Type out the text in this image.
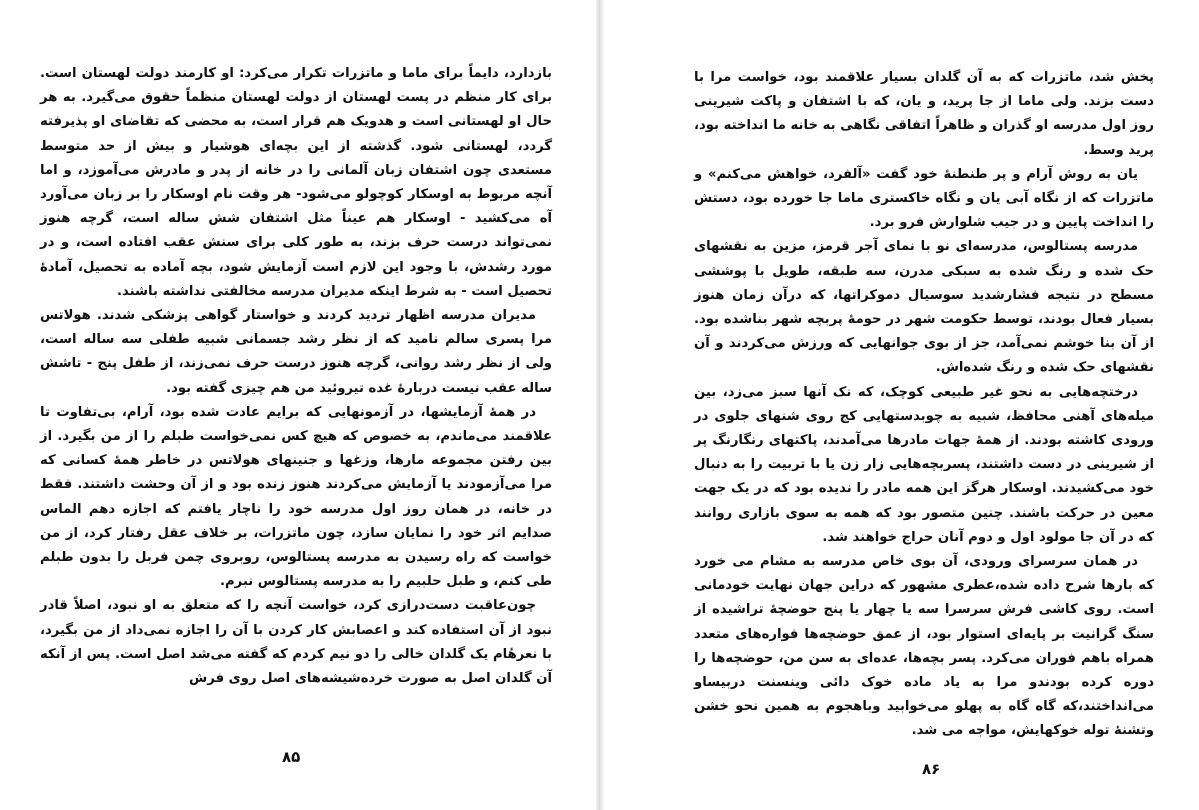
بازدارد، دایماً برای ماما و ماتزرات تکرار می‌کرد: او کارمند دولت لهستان است. برای کار منظم در پست لهستان از دولت لهستان منظماً حقوق می‌گیرد. به هر حال او لهستانی است و هدویک هم قرار است، به محضی که تقاضای او پذیرفته گردد، لهستانی شود. گذشته از این بچه‌ای هوشیار و بیش از حد متوسط مستعدی چون اشتفان زبان آلمانی را در خانه از پدر و مادرش می‌آموزد، و اما آنچه مربوط به اوسکار کوچولو می‌شود- هر وقت نام اوسکار را بر زبان می‌آورد آه می‌کشید - اوسکار هم عیناً مثل اشتفان شش ساله است، گرچه هنوز نمی‌تواند درست حرف بزند، به طور کلی برای سنش عقب افتاده است، و در مورد رشدش، با وجود این لازم است آزمایش شود، بچه آماده به تحصیل، آمادهٔ تحصیل است - به شرط اینکه مدیران مدرسه مخالفتی نداشته باشند.

مدیران مدرسه اظهار تردید کردند و خواستار گواهی پزشکی شدند. هولاتس مرا پسری سالم نامید که از نظر رشد جسمانی شبیه طفلی سه ساله است، ولی از نظر رشد روانی، گرچه هنوز درست حرف نمی‌زند، از طفل پنج - تا‌شش ساله عقب نیست دربارهٔ غده تیروئید من هم چیزی گفته بود.

در همهٔ آزمایشها، در آزمونهایی که برایم عادت شده بود، آرام، بی‌تفاوت تا علاقمند می‌ماندم، به خصوص که هیچ کس نمی‌خواست طبلم را از من بگیرد. از بین رفتن مجموعه مارها، وزغها و جنینهای هولاتس در خاطر همهٔ کسانی که مرا می‌آزمودند یا آزمایش می‌کردند هنوز زنده بود و از آن وحشت داشتند. فقط در خانه، در همان روز اول مدرسه خود را ناچار یافتم که اجازه دهم الماس صدایم اثر خود را نمایان سازد، چون ماتزرات، بر خلاف عقل رفتار کرد، از من خواست که راه رسیدن به مدرسه پستالوس، روبروی چمن فربل را بدون طبلم طی کنم، و طبل حلبیم را به مدرسه پستالوس نبرم.

چون‌عاقبت دست‌درازی کرد، خواست آنچه را که متعلق به او نبود، اصلاً قادر نبود از آن استفاده کند و اعصابش کار کردن با آن را اجازه نمی‌داد از من بگیرد، با نعرهٔام یک گلدان خالی را دو نیم کردم که گفته می‌شد اصل است. پس از آنکه آن گلدان اصل به صورت خرده‌شیشه‌های اصل روی فرش

۸۵

پخش شد، ماتزرات که به آن گلدان بسیار علاقمند بود، خواست مرا با دست بزند. ولی ماما از جا پرید، و یان، که با اشتفان و پاکت شیرینی روز اول مدرسه او گذران و ظاهراً اتفاقی نگاهی به خانه ما انداخته بود، پرید وسط.

یان به روش آرام و پر طنطنهٔ خود گفت «آلفرد، خواهش می‌کنم» و ماتزرات که از نگاه آبی یان و نگاه خاکستری ماما جا خورده بود، دستش را انداخت پایین و در جیب شلوارش فرو برد.

مدرسه پستالوس، مدرسه‌ای نو با نمای آجر قرمز، مزین به نقشهای حک شده و رنگ شده به سبکی مدرن، سه طبقه، طویل با پوششی مسطح در نتیجه فشارشدید سوسیال دموکراتها، که درآن زمان هنوز بسیار فعال بودند، توسط حکومت شهر در حومهٔ پربچه شهر بناشده بود. از آن بنا خوشم نمی‌آمد، جز از بوی جوانهایی که ورزش می‌کردند و آن نقشهای حک شده و رنگ شده‌اش.

درختچه‌هایی به نحو غیر طبیعی کوچک، که نک آنها سبز می‌زد، بین میله‌های آهنی محافظ، شبیه به چوبدستهایی کج روی شنهای جلوی در ورودی کاشته بودند. از همهٔ جهات مادرها می‌آمدند، پاکتهای رنگارنگ پر از شیرینی در دست داشتند، پسربچه‌هایی زار زن یا با تربیت را به دنبال خود می‌کشیدند. اوسکار هرگز این همه مادر را ندیده بود که در یک جهت معین در حرکت باشند. چنین متصور بود که همه به سوی بازاری روانند که در آن جا مولود اول و دوم آنان حراج خواهند شد.

در همان سرسرای ورودی، آن بوی خاص مدرسه به مشام می خورد که بارها شرح داده شده،عطری مشهور که دراین جهان نهایت خودمانی است. روی کاشی فرش سرسرا سه یا چهار یا پنج حوضچهٔ تراشیده از سنگ گرانیت بر پایه‌ای استوار بود، از عمق حوضچه‌ها فواره‌های متعدد همراه باهم فوران می‌کرد. پسر بچه‌ها، عده‌ای به سن من، حوضچه‌ها را دوره کرده بودندو مرا به یاد ماده خوک دائی وینسنت دربیساو می‌انداختند،که گاه گاه به پهلو می‌خوابید وباهجوم به همین نحو خشن وتشنهٔ توله خوکهایش، مواجه می شد.

۸۶
